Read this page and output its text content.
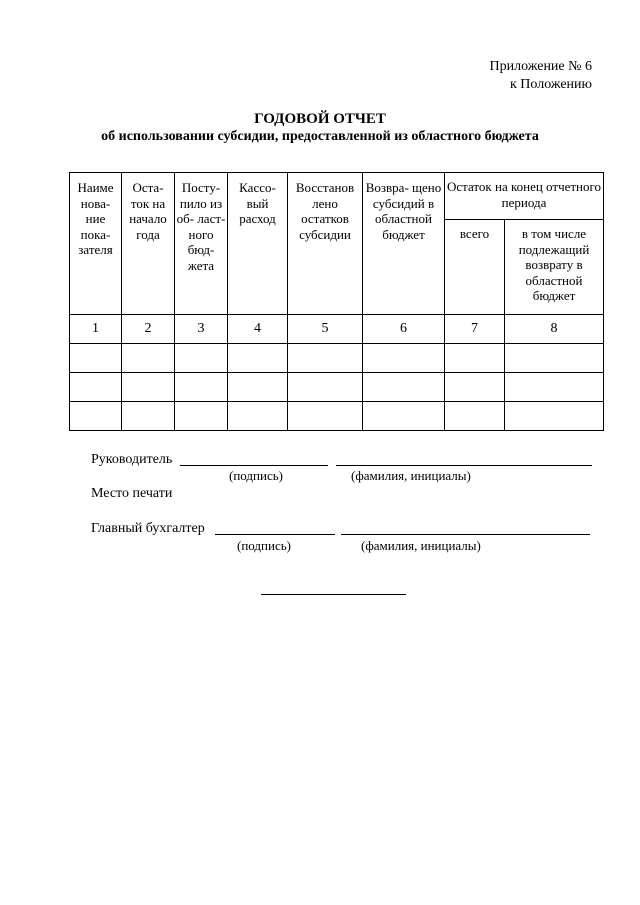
Приложение № 6
к Положению
ГОДОВОЙ ОТЧЕТ
об использовании субсидии, предоставленной из областного бюджета
Наиме нова- ние пока- зателя	Оста- ток на начало года	Посту- пило из об- ласт- ного бюд- жета	Кассо- вый расход	Восстанов лено остатков субсидии	Возвра- щено субсидий в областной бюджет	Остаток на конец отчетного периода	
						всего	в том числе подлежащий возврату в областной бюджет
1	2	3	4	5	6	7	8

Руководитель
(подпись)	(фамилия, инициалы)
Место печати
Главный бухгалтер
(подпись)	(фамилия, инициалы)
